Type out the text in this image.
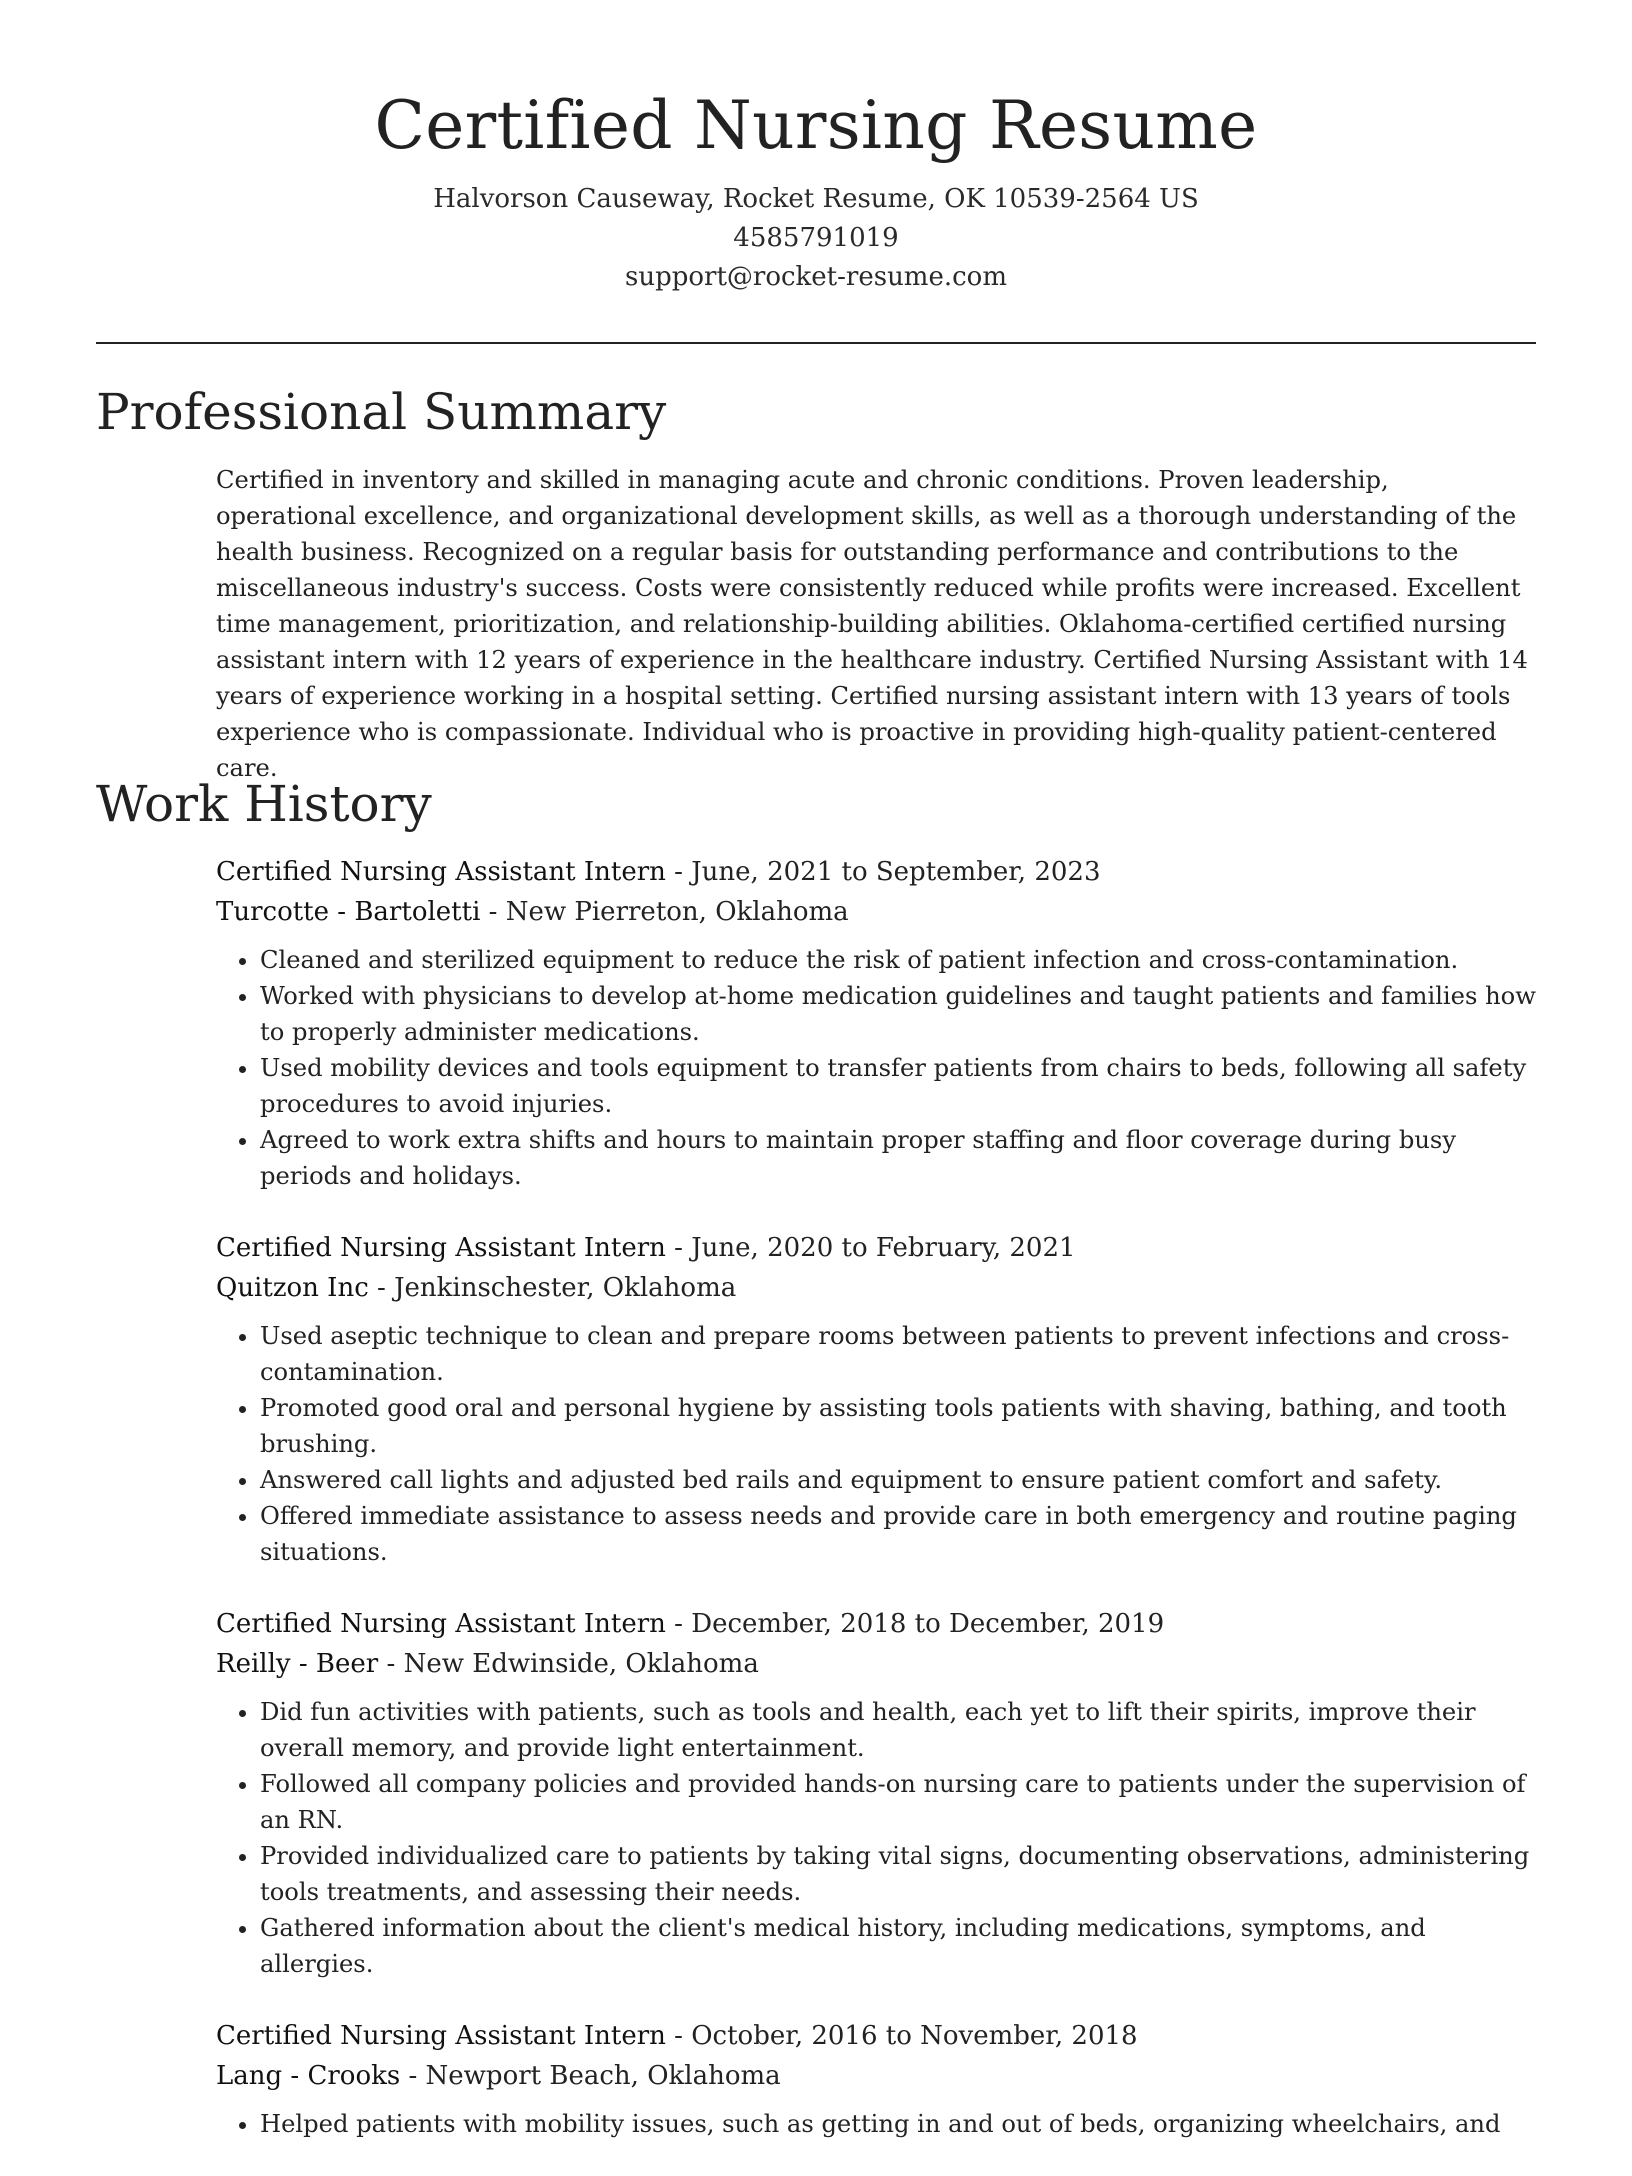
Certified Nursing Resume
Halvorson Causeway, Rocket Resume, OK 10539-2564 US
4585791019
support@rocket-resume.com
Professional Summary

Certified in inventory and skilled in managing acute and chronic conditions. Proven leadership, operational excellence, and organizational development skills, as well as a thorough understanding of the health business. Recognized on a regular basis for outstanding performance and contributions to the miscellaneous industry's success. Costs were consistently reduced while profits were increased. Excellent time management, prioritization, and relationship-building abilities. Oklahoma-certified certified nursing assistant intern with 12 years of experience in the healthcare industry. Certified Nursing Assistant with 14 years of experience working in a hospital setting. Certified nursing assistant intern with 13 years of tools experience who is compassionate. Individual who is proactive in providing high-quality patient-centered care.

Work History
Certified Nursing Assistant Intern - June, 2021 to September, 2023
Turcotte - Bartoletti - New Pierreton, Oklahoma
• Cleaned and sterilized equipment to reduce the risk of patient infection and cross-contamination.
• Worked with physicians to develop at-home medication guidelines and taught patients and families how to properly administer medications.
• Used mobility devices and tools equipment to transfer patients from chairs to beds, following all safety procedures to avoid injuries.
• Agreed to work extra shifts and hours to maintain proper staffing and floor coverage during busy periods and holidays.
Certified Nursing Assistant Intern - June, 2020 to February, 2021
Quitzon Inc - Jenkinschester, Oklahoma
• Used aseptic technique to clean and prepare rooms between patients to prevent infections and cross-contamination.
• Promoted good oral and personal hygiene by assisting tools patients with shaving, bathing, and tooth brushing.
• Answered call lights and adjusted bed rails and equipment to ensure patient comfort and safety.
• Offered immediate assistance to assess needs and provide care in both emergency and routine paging situations.
Certified Nursing Assistant Intern - December, 2018 to December, 2019
Reilly - Beer - New Edwinside, Oklahoma
• Did fun activities with patients, such as tools and health, each yet to lift their spirits, improve their overall memory, and provide light entertainment.
• Followed all company policies and provided hands-on nursing care to patients under the supervision of an RN.
• Provided individualized care to patients by taking vital signs, documenting observations, administering tools treatments, and assessing their needs.
• Gathered information about the client's medical history, including medications, symptoms, and allergies.
Certified Nursing Assistant Intern - October, 2016 to November, 2018
Lang - Crooks - Newport Beach, Oklahoma
• Helped patients with mobility issues, such as getting in and out of beds, organizing wheelchairs, and
